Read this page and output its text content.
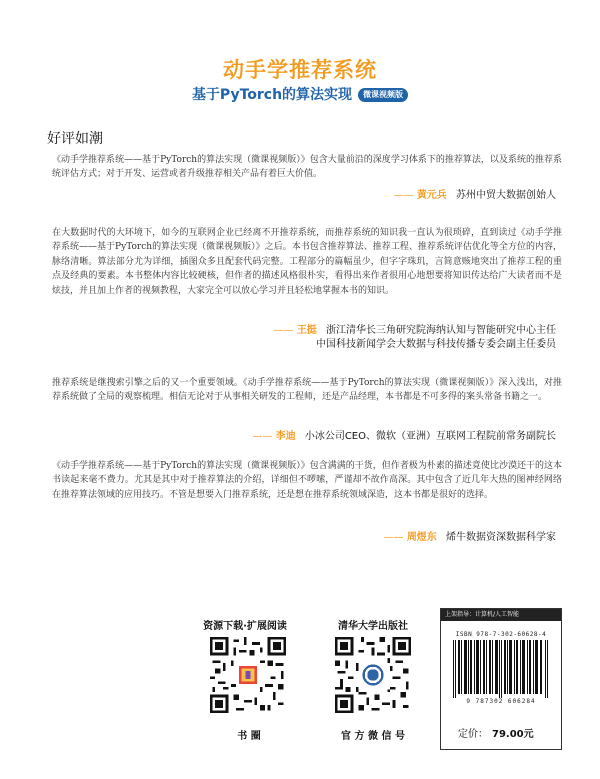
动手学推荐系统
基于PyTorch的算法实现	微课视频版
好评如潮

《动手学推荐系统——基于PyTorch的算法实现（微课视频版）》包含大量前沿的深度学习体系下的推荐算法，以及系统的推荐系统评估方式；对于开发、运营或者升级推荐相关产品有着巨大价值。

—— 黄元兵 苏州中贸大数据创始人

在大数据时代的大环境下，如今的互联网企业已经离不开推荐系统，而推荐系统的知识我一直认为很琐碎，直到读过《动手学推荐系统——基于PyTorch的算法实现（微课视频版）》之后。本书包含推荐算法、推荐工程、推荐系统评估优化等全方位的内容，脉络清晰。算法部分尤为详细，插图众多且配套代码完整。工程部分的篇幅虽少，但字字珠玑，言简意赅地突出了推荐工程的重点及经典的要素。本书整体内容比较硬核，但作者的描述风格很朴实，看得出来作者很用心地想要将知识传达给广大读者而不是炫技，并且加上作者的视频教程，大家完全可以放心学习并且轻松地掌握本书的知识。

—— 王挺 浙江清华长三角研究院海纳认知与智能研究中心主任
中国科技新闻学会大数据与科技传播专委会副主任委员

推荐系统是继搜索引擎之后的又一个重要领域。《动手学推荐系统——基于PyTorch的算法实现（微课视频版）》深入浅出，对推荐系统做了全局的观察梳理。相信无论对于从事相关研发的工程师，还是产品经理，本书都是不可多得的案头常备书籍之一。

—— 李迪 小冰公司CEO、微软（亚洲）互联网工程院前常务副院长

《动手学推荐系统——基于PyTorch的算法实现（微课视频版）》包含满满的干货，但作者极为朴素的描述竟使比沙漠还干的这本书读起来毫不费力。尤其是其中对于推荐算法的介绍，详细但不啰嗦，严谨却不故作高深。其中包含了近几年大热的图神经网络在推荐算法领域的应用技巧。不管是想要入门推荐系统，还是想在推荐系统领域深造，这本书都是很好的选择。

—— 周煜东 烯牛数据资深数据科学家
资源下载·扩展阅读
书 圈
清华大学出版社
官 方 微 信 号
上架指导：计算机/人工智能
ISBN 978-7-302-60628-4
9 787302 606284
定价： 79.00元
